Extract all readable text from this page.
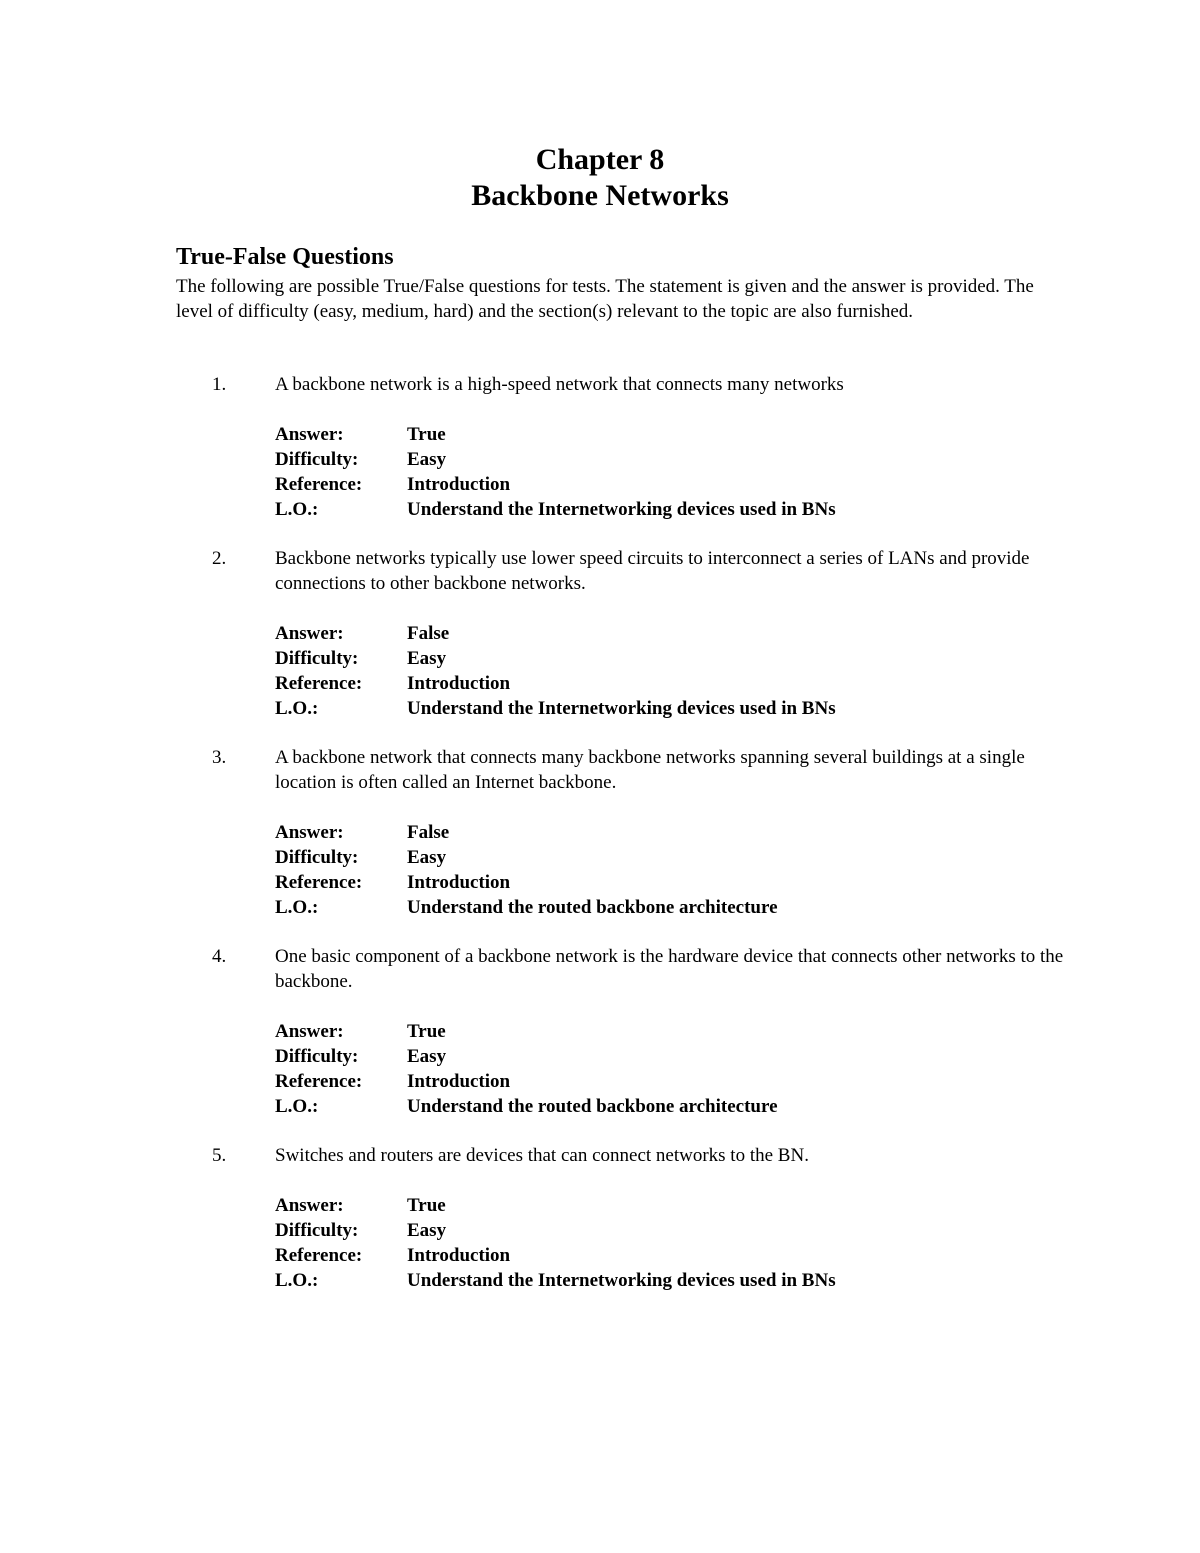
Chapter 8
Backbone Networks
True-False Questions
The following are possible True/False questions for tests. The statement is given and the answer is provided. The level of difficulty (easy, medium, hard) and the section(s) relevant to the topic are also furnished.
1.	A backbone network is a high-speed network that connects many networks
Answer:	True
Difficulty:	Easy
Reference:	Introduction
L.O.:	Understand the Internetworking devices used in BNs
2.	Backbone networks typically use lower speed circuits to interconnect a series of LANs and provide connections to other backbone networks.
Answer:	False
Difficulty:	Easy
Reference:	Introduction
L.O.:	Understand the Internetworking devices used in BNs
3.	A backbone network that connects many backbone networks spanning several buildings at a single location is often called an Internet backbone.
Answer:	False
Difficulty:	Easy
Reference:	Introduction
L.O.:	Understand the routed backbone architecture
4.	One basic component of a backbone network is the hardware device that connects other networks to the backbone.
Answer:	True
Difficulty:	Easy
Reference:	Introduction
L.O.:	Understand the routed backbone architecture
5.	Switches and routers are devices that can connect networks to the BN.
Answer:	True
Difficulty:	Easy
Reference:	Introduction
L.O.:	Understand the Internetworking devices used in BNs
